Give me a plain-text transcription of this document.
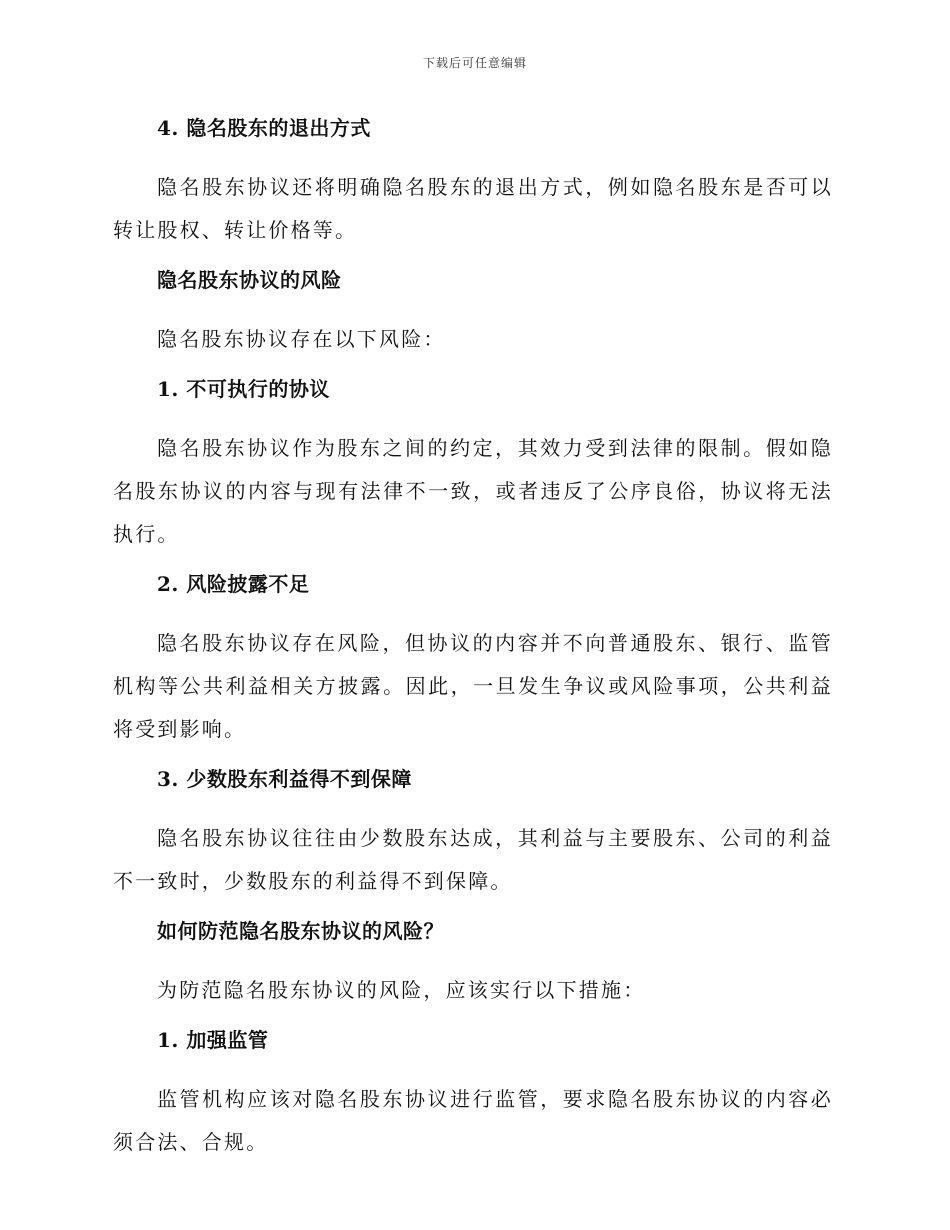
下载后可任意编辑
4. 隐名股东的退出方式
隐名股东协议还将明确隐名股东的退出方式，例如隐名股东是否可以转让股权、转让价格等。
隐名股东协议的风险
隐名股东协议存在以下风险：
1. 不可执行的协议
隐名股东协议作为股东之间的约定，其效力受到法律的限制。假如隐名股东协议的内容与现有法律不一致，或者违反了公序良俗，协议将无法执行。
2. 风险披露不足
隐名股东协议存在风险，但协议的内容并不向普通股东、银行、监管机构等公共利益相关方披露。因此，一旦发生争议或风险事项，公共利益将受到影响。
3. 少数股东利益得不到保障
隐名股东协议往往由少数股东达成，其利益与主要股东、公司的利益不一致时，少数股东的利益得不到保障。
如何防范隐名股东协议的风险？
为防范隐名股东协议的风险，应该实行以下措施：
1. 加强监管
监管机构应该对隐名股东协议进行监管，要求隐名股东协议的内容必须合法、合规。
